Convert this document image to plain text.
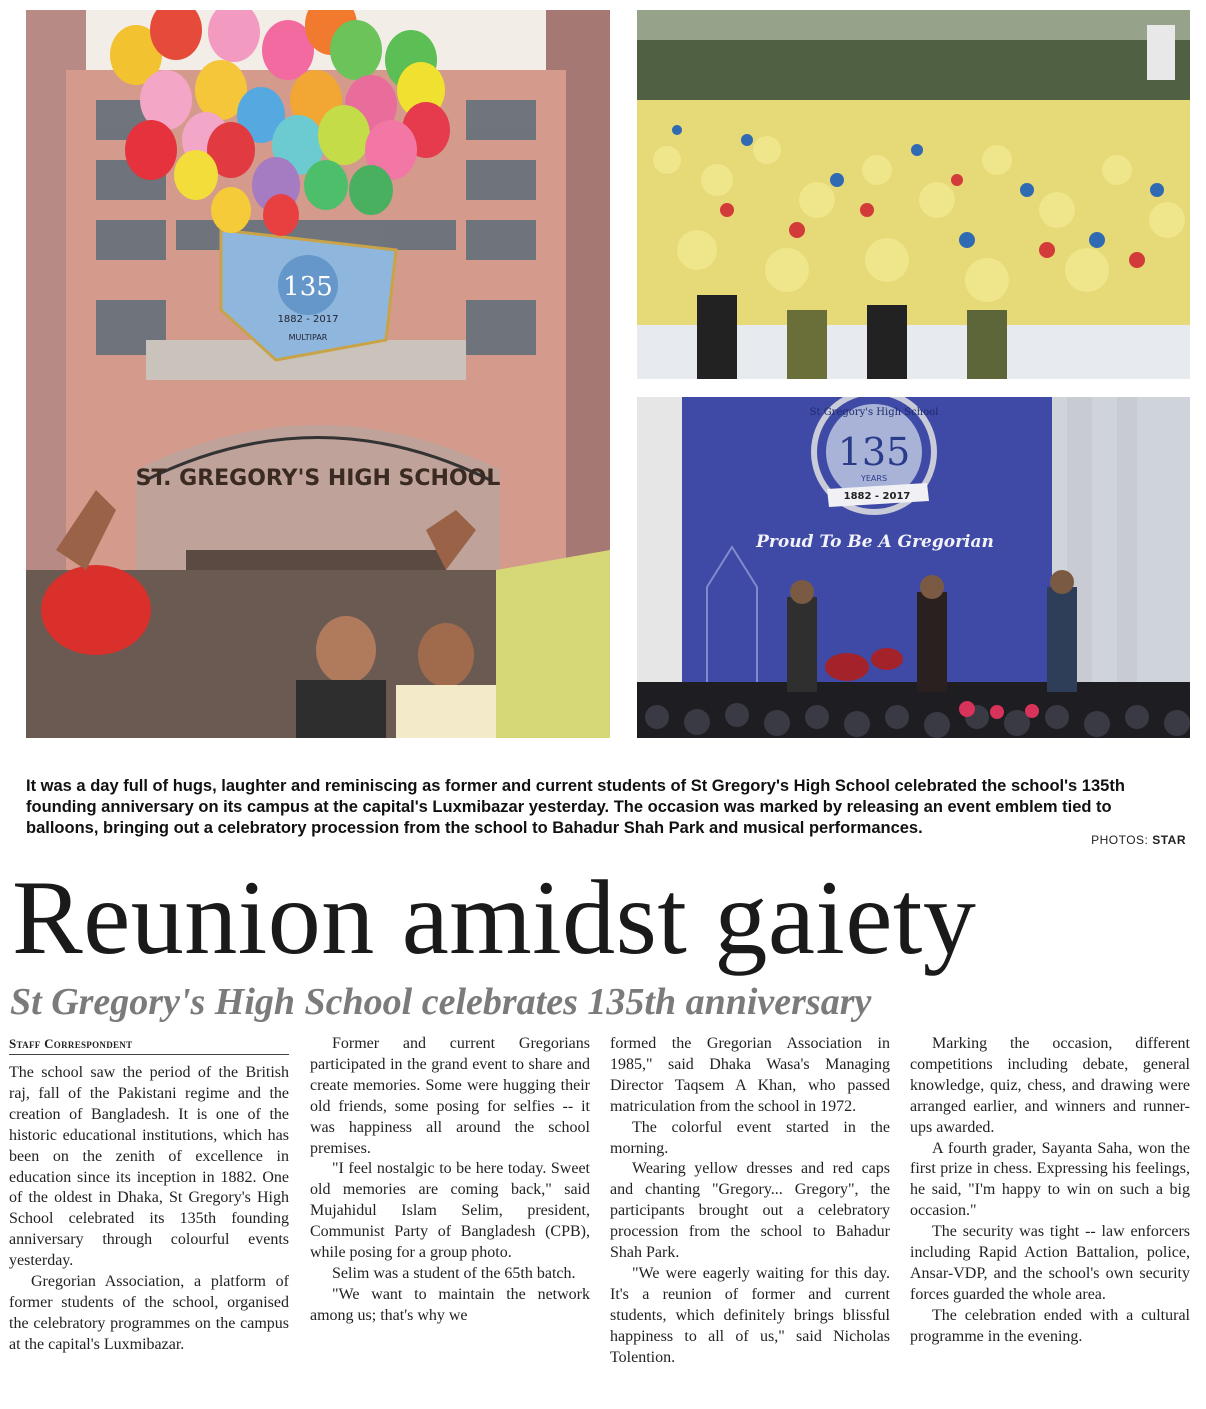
ST. GREGORY'S HIGH SCHOOL
135
1882 - 2017
MULTIPAR
St Gregory's High School
135
YEARS
1882 - 2017
Proud To Be A Gregorian

It was a day full of hugs, laughter and reminiscing as former and current students of St Gregory's High School celebrated the school's 135th founding anniversary on its campus at the capital's Luxmibazar yesterday. The occasion was marked by releasing an event emblem tied to balloons, bringing out a celebratory procession from the school to Bahadur Shah Park and musical performances.

PHOTOS: STAR
Reunion amidst gaiety
St Gregory's High School celebrates 135th anniversary
Staff Correspondent

The school saw the period of the British raj, fall of the Pakistani regime and the creation of Bangladesh. It is one of the historic educational institutions, which has been on the zenith of excellence in education since its inception in 1882. One of the oldest in Dhaka, St Gregory's High School celebrated its 135th founding anniversary through colourful events yesterday.

Gregorian Association, a platform of former students of the school, organised the celebratory programmes on the campus at the capital's Luxmibazar.

Former and current Gregorians participated in the grand event to share and create memories. Some were hugging their old friends, some posing for selfies -- it was happiness all around the school premises.

"I feel nostalgic to be here today. Sweet old memories are coming back," said Mujahidul Islam Selim, president, Communist Party of Bangladesh (CPB), while posing for a group photo.

Selim was a student of the 65th batch.

"We want to maintain the network among us; that's why we

formed the Gregorian Association in 1985," said Dhaka Wasa's Managing Director Taqsem A Khan, who passed matriculation from the school in 1972.

The colorful event started in the morning.

Wearing yellow dresses and red caps and chanting "Gregory... Gregory", the participants brought out a celebratory procession from the school to Bahadur Shah Park.

"We were eagerly waiting for this day. It's a reunion of former and current students, which definitely brings blissful happiness to all of us," said Nicholas Tolention.

Marking the occasion, different competitions including debate, general knowledge, quiz, chess, and drawing were arranged earlier, and winners and runner-ups awarded.

A fourth grader, Sayanta Saha, won the first prize in chess. Expressing his feelings, he said, "I'm happy to win on such a big occasion."

The security was tight -- law enforcers including Rapid Action Battalion, police, Ansar-VDP, and the school's own security forces guarded the whole area.

The celebration ended with a cultural programme in the evening.
